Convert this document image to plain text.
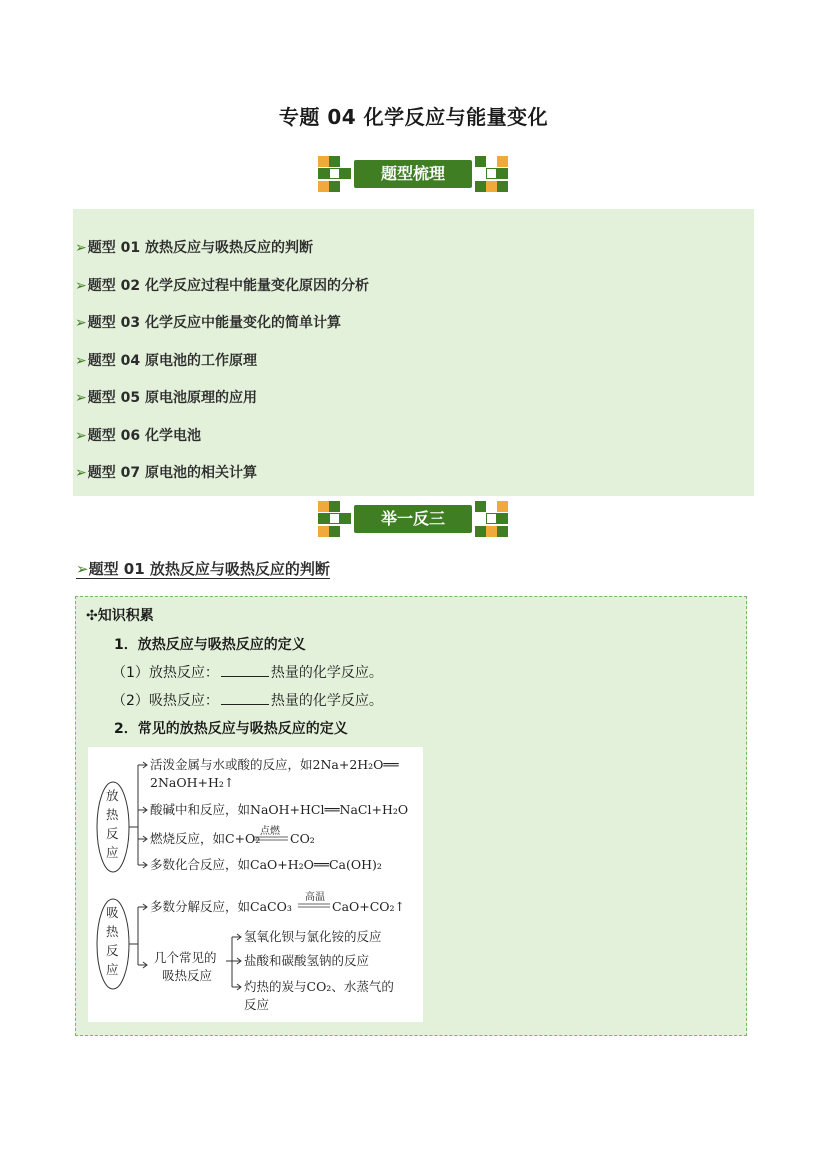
专题 04 化学反应与能量变化
题型梳理
➢题型 01 放热反应与吸热反应的判断
➢题型 02 化学反应过程中能量变化原因的分析
➢题型 03 化学反应中能量变化的简单计算
➢题型 04 原电池的工作原理
➢题型 05 原电池原理的应用
➢题型 06 化学电池
➢题型 07 原电池的相关计算
举一反三
➢题型 01 放热反应与吸热反应的判断
✣知识积累
1．放热反应与吸热反应的定义
（1）放热反应：	热量的化学反应。
（2）吸热反应：	热量的化学反应。
2．常见的放热反应与吸热反应的定义
放
热
反
应
活泼金属与水或酸的反应，如2Na+2H₂O══
2NaOH+H₂↑
酸碱中和反应，如NaOH+HCl══NaCl+H₂O
燃烧反应，如C+O₂ 点燃 CO₂
多数化合反应，如CaO+H₂O══Ca(OH)₂
吸
热
反
应
多数分解反应，如CaCO₃
高温
CaO+CO₂↑
几个常见的
吸热反应
氢氧化钡与氯化铵的反应
盐酸和碳酸氢钠的反应
灼热的炭与CO₂、水蒸气的
反应
